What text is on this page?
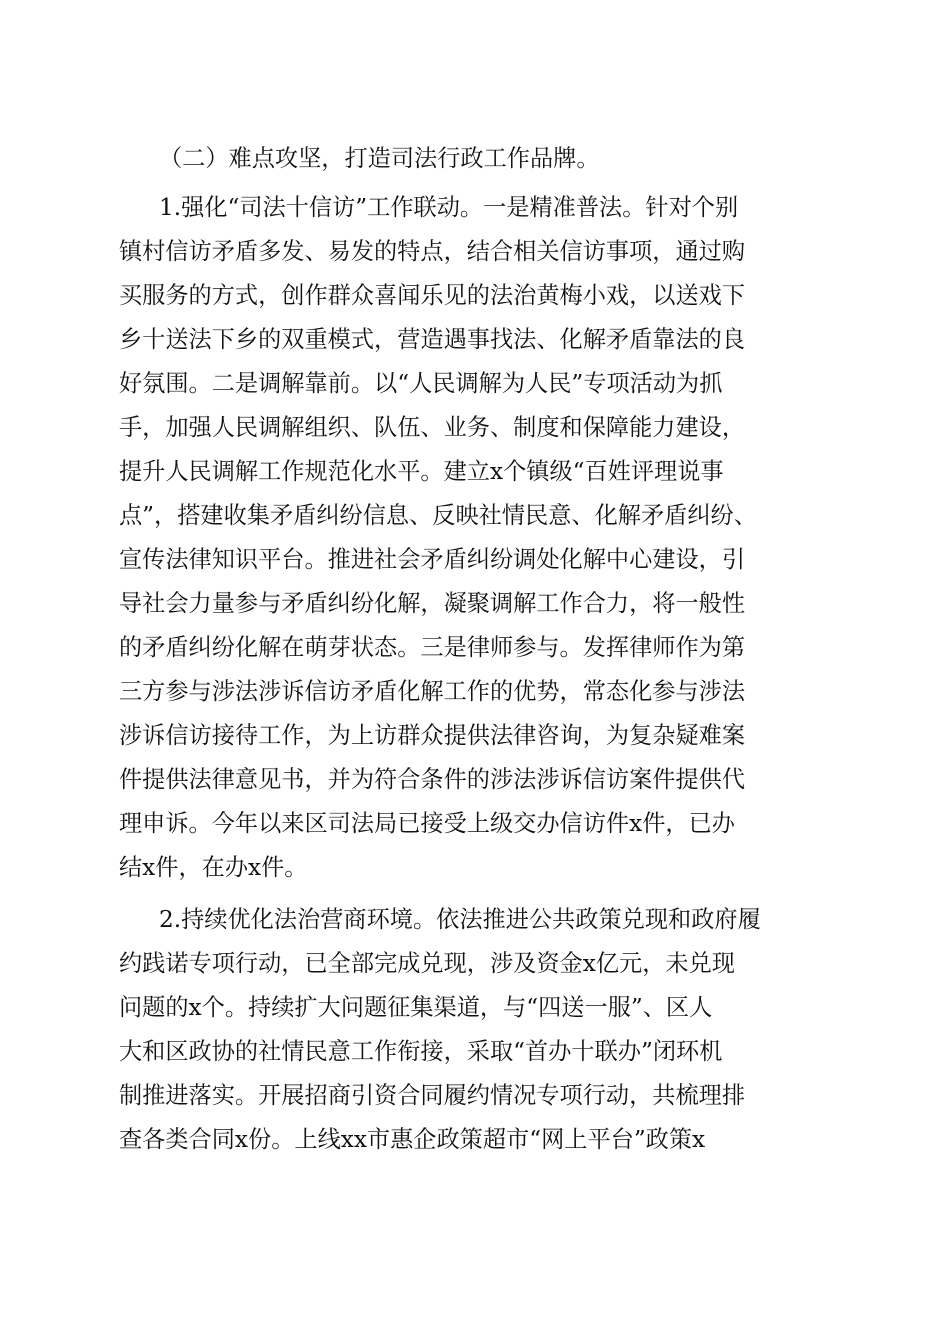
（二）难点攻坚，打造司法行政工作品牌。

1.强化“司法十信访”工作联动。一是精准普法。针对个别

镇村信访矛盾多发、易发的特点，结合相关信访事项，通过购

买服务的方式，创作群众喜闻乐见的法治黄梅小戏，以送戏下

乡十送法下乡的双重模式，营造遇事找法、化解矛盾靠法的良

好氛围。二是调解靠前。以“人民调解为人民”专项活动为抓

手，加强人民调解组织、队伍、业务、制度和保障能力建设，

提升人民调解工作规范化水平。建立x个镇级“百姓评理说事

点”，搭建收集矛盾纠纷信息、反映社情民意、化解矛盾纠纷、

宣传法律知识平台。推进社会矛盾纠纷调处化解中心建设，引

导社会力量参与矛盾纠纷化解，凝聚调解工作合力，将一般性

的矛盾纠纷化解在萌芽状态。三是律师参与。发挥律师作为第

三方参与涉法涉诉信访矛盾化解工作的优势，常态化参与涉法

涉诉信访接待工作，为上访群众提供法律咨询，为复杂疑难案

件提供法律意见书，并为符合条件的涉法涉诉信访案件提供代

理申诉。今年以来区司法局已接受上级交办信访件x件，已办

结x件，在办x件。

2.持续优化法治营商环境。依法推进公共政策兑现和政府履

约践诺专项行动，已全部完成兑现，涉及资金x亿元，未兑现

问题的x个。持续扩大问题征集渠道，与“四送一服”、区人

大和区政协的社情民意工作衔接，采取“首办十联办”闭环机

制推进落实。开展招商引资合同履约情况专项行动，共梳理排

查各类合同x份。上线xx市惠企政策超市“网上平台”政策x
